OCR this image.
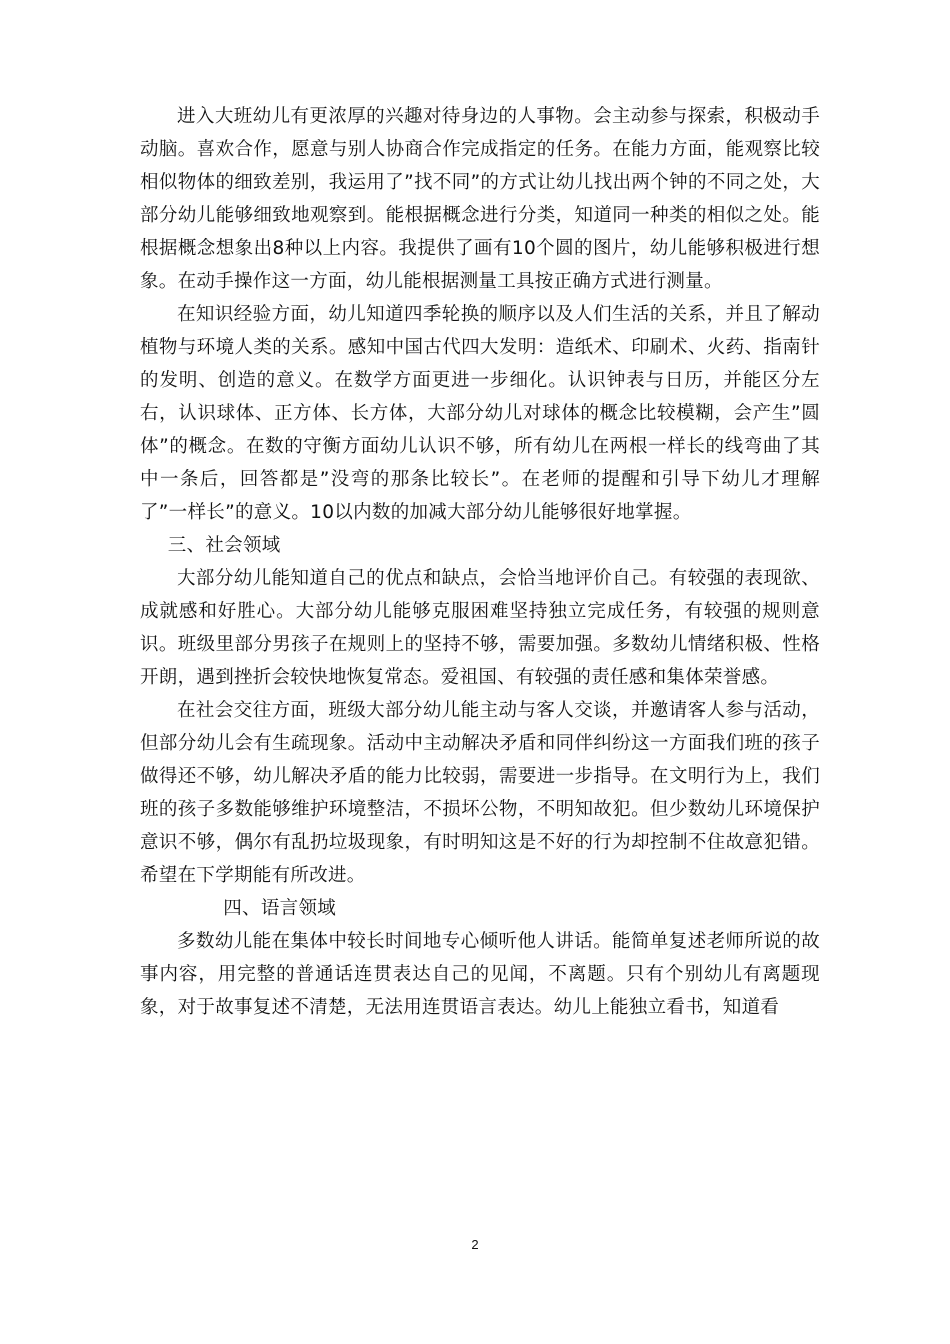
进入大班幼儿有更浓厚的兴趣对待身边的人事物。会主动参与探索，积极动手动脑。喜欢合作，愿意与别人协商合作完成指定的任务。在能力方面，能观察比较相似物体的细致差别，我运用了”找不同”的方式让幼儿找出两个钟的不同之处，大部分幼儿能够细致地观察到。能根据概念进行分类，知道同一种类的相似之处。能根据概念想象出8种以上内容。我提供了画有10个圆的图片，幼儿能够积极进行想象。在动手操作这一方面，幼儿能根据测量工具按正确方式进行测量。

在知识经验方面，幼儿知道四季轮换的顺序以及人们生活的关系，并且了解动植物与环境人类的关系。感知中国古代四大发明：造纸术、印刷术、火药、指南针的发明、创造的意义。在数学方面更进一步细化。认识钟表与日历，并能区分左右，认识球体、正方体、长方体，大部分幼儿对球体的概念比较模糊，会产生”圆体”的概念。在数的守衡方面幼儿认识不够，所有幼儿在两根一样长的线弯曲了其中一条后，回答都是”没弯的那条比较长”。在老师的提醒和引导下幼儿才理解了”一样长”的意义。10以内数的加减大部分幼儿能够很好地掌握。

三、社会领域

大部分幼儿能知道自己的优点和缺点，会恰当地评价自己。有较强的表现欲、成就感和好胜心。大部分幼儿能够克服困难坚持独立完成任务，有较强的规则意识。班级里部分男孩子在规则上的坚持不够，需要加强。多数幼儿情绪积极、性格开朗，遇到挫折会较快地恢复常态。爱祖国、有较强的责任感和集体荣誉感。

在社会交往方面，班级大部分幼儿能主动与客人交谈，并邀请客人参与活动，但部分幼儿会有生疏现象。活动中主动解决矛盾和同伴纠纷这一方面我们班的孩子做得还不够，幼儿解决矛盾的能力比较弱，需要进一步指导。在文明行为上，我们班的孩子多数能够维护环境整洁，不损坏公物，不明知故犯。但少数幼儿环境保护意识不够，偶尔有乱扔垃圾现象，有时明知这是不好的行为却控制不住故意犯错。希望在下学期能有所改进。

四、语言领域

多数幼儿能在集体中较长时间地专心倾听他人讲话。能简单复述老师所说的故事内容，用完整的普通话连贯表达自己的见闻，不离题。只有个别幼儿有离题现象，对于故事复述不清楚，无法用连贯语言表达。幼儿上能独立看书，知道看

2
